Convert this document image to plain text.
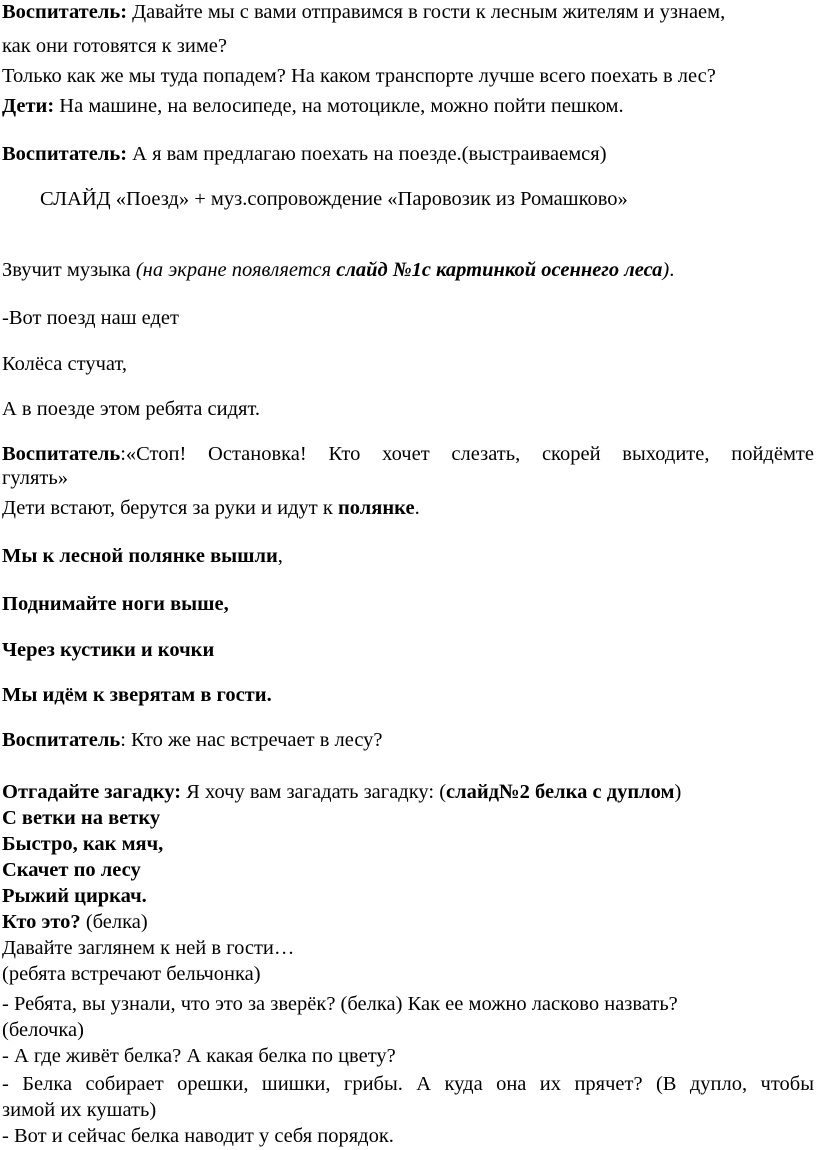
Воспитатель: Давайте мы с вами отправимся в гости к лесным жителям и узнаем,
как они готовятся к зиме?
Только как же мы туда попадем? На каком транспорте лучше всего поехать в лес?
Дети: На машине, на велосипеде, на мотоцикле, можно пойти пешком.
Воспитатель: А я вам предлагаю поехать на поезде.(выстраиваемся)
СЛАЙД «Поезд» + муз.сопровождение «Паровозик из Ромашково»
Звучит музыка (на экране появляется слайд №1с картинкой осеннего леса).
-Вот поезд наш едет
Колёса стучат,
А в поезде этом ребята сидят.
Воспитатель:«Стоп! Остановка! Кто хочет слезать, скорей выходите, пойдёмте
гулять»
Дети встают, берутся за руки и идут к полянке.
Мы к лесной полянке вышли,
Поднимайте ноги выше,
Через кустики и кочки
Мы идём к зверятам в гости.
Воспитатель: Кто же нас встречает в лесу?
Отгадайте загадку: Я хочу вам загадать загадку: (слайд№2 белка с дуплом)
С ветки на ветку
Быстро, как мяч,
Скачет по лесу
Рыжий циркач.
Кто это? (белка)
Давайте заглянем к ней в гости…
(ребята встречают бельчонка)
- Ребята, вы узнали, что это за зверёк? (белка) Как ее можно ласково назвать?
(белочка)
- А где живёт белка? А какая белка по цвету?
- Белка собирает орешки, шишки, грибы. А куда она их прячет? (В дупло, чтобы
зимой их кушать)
- Вот и сейчас белка наводит у себя порядок.
